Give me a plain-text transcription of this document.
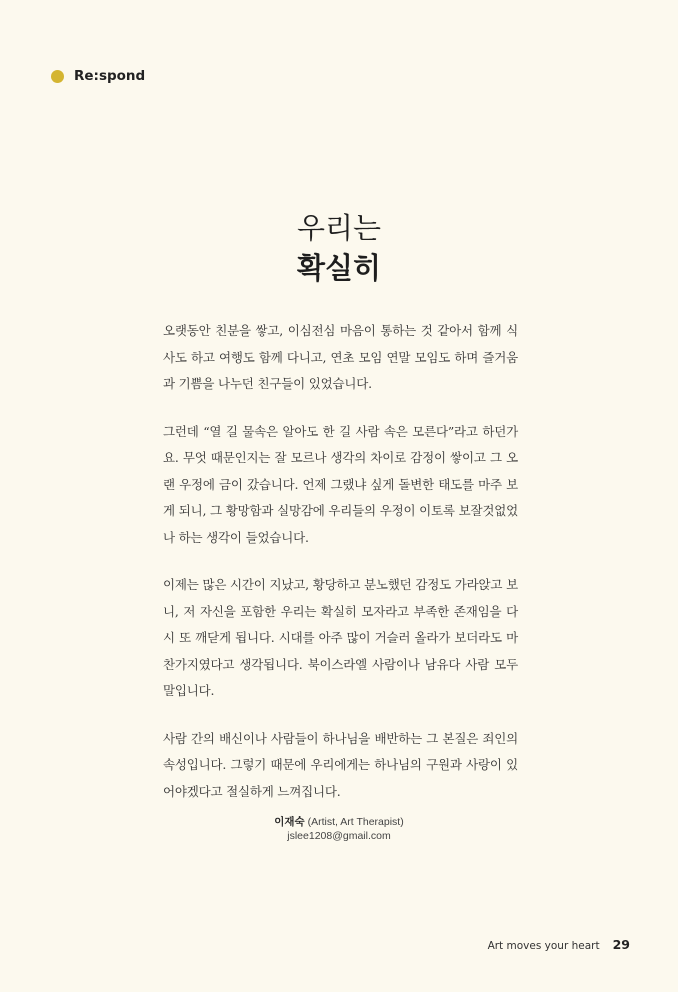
Re:spond
우리는
확실히

오랫동안 친분을 쌓고, 이심전심 마음이 통하는 것 같아서 함께 식사도 하고 여행도 함께 다니고, 연초 모임 연말 모임도 하며 즐거움과 기쁨을 나누던 친구들이 있었습니다.

그런데 “열 길 물속은 알아도 한 길 사람 속은 모른다”라고 하던가요. 무엇 때문인지는 잘 모르나 생각의 차이로 감정이 쌓이고 그 오랜 우정에 금이 갔습니다. 언제 그랬냐 싶게 돌변한 태도를 마주 보게 되니, 그 황망함과 실망감에 우리들의 우정이 이토록 보잘것없었나 하는 생각이 들었습니다.

이제는 많은 시간이 지났고, 황당하고 분노했던 감정도 가라앉고 보니, 저 자신을 포함한 우리는 확실히 모자라고 부족한 존재임을 다시 또 깨닫게 됩니다. 시대를 아주 많이 거슬러 올라가 보더라도 마찬가지였다고 생각됩니다. 북이스라엘 사람이나 남유다 사람 모두 말입니다.

사람 간의 배신이나 사람들이 하나님을 배반하는 그 본질은 죄인의 속성입니다. 그렇기 때문에 우리에게는 하나님의 구원과 사랑이 있어야겠다고 절실하게 느껴집니다.

이재숙 (Artist, Art Therapist)
jslee1208@gmail.com
Art moves your heart 29
